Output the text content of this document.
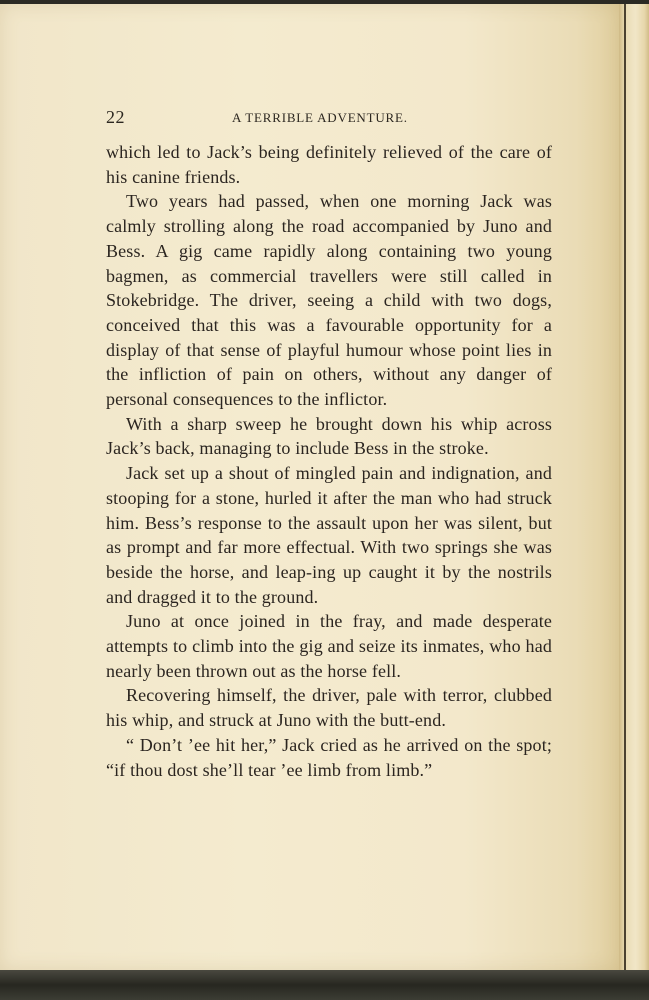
22	A TERRIBLE ADVENTURE.

which led to Jack’s being definitely relieved of the care of his canine friends.

Two years had passed, when one morning Jack was calmly strolling along the road accompanied by Juno and Bess. A gig came rapidly along containing two young bagmen, as commercial travellers were still called in Stokebridge. The driver, seeing a child with two dogs, conceived that this was a favourable opportunity for a display of that sense of playful humour whose point lies in the infliction of pain on others, without any danger of personal consequences to the inflictor.

With a sharp sweep he brought down his whip across Jack’s back, managing to include Bess in the stroke.

Jack set up a shout of mingled pain and indignation, and stooping for a stone, hurled it after the man who had struck him. Bess’s response to the assault upon her was silent, but as prompt and far more effectual. With two springs she was beside the horse, and leap-ing up caught it by the nostrils and dragged it to the ground.

Juno at once joined in the fray, and made desperate attempts to climb into the gig and seize its inmates, who had nearly been thrown out as the horse fell.

Recovering himself, the driver, pale with terror, clubbed his whip, and struck at Juno with the butt-end.

“ Don’t ’ee hit her,” Jack cried as he arrived on the spot; “if thou dost she’ll tear ’ee limb from limb.”
